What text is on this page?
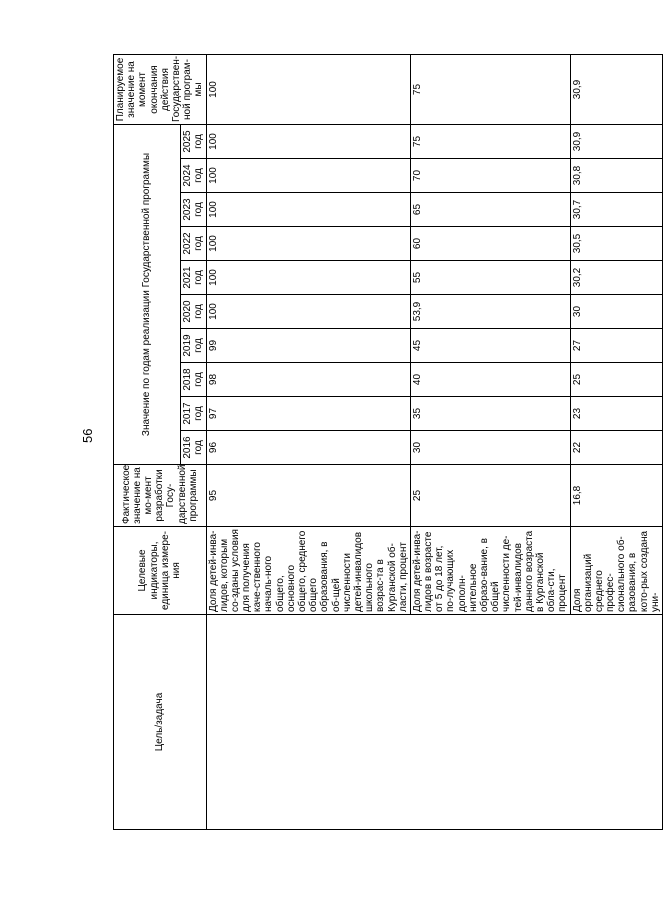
56
Цель/задача	Целевые индикаторы, единица измере-ния	Фактическое значение на мо-мент разработки Госу-дарственной программы	Значение по годам реализации Государственной программы										Планируемое значение на момент окончания действия Государствен-ной програм-мы
			2016 год	2017 год	2018 год	2019 год	2020 год	2021 год	2022 год	2023 год	2024 год	2025 год	
	Доля детей-инва-лидов, которым со-зданы условия для получения каче-ственного началь-ного общего, основного общего, среднего общего образования, в об-щей численности детей-инвалидов школьного возрас-та в Курганской об-ласти, процент	95	96	97	98	99	100	100	100	100	100	100	100
	Доля детей-инва-лидов в возрасте от 5 до 18 лет, по-лучающих дополн-нительное образо-вание, в общей численности де-тей-инвалидов данного возраста в Курганской обла-сти, процент	25	30	35	40	45	53,9	55	60	65	70	75	75
	Доля организаций среднего профес-сионального об-разования, в кото-рых создана уни-	16,8	22	23	25	27	30	30,2	30,5	30,7	30,8	30,9	30,9
